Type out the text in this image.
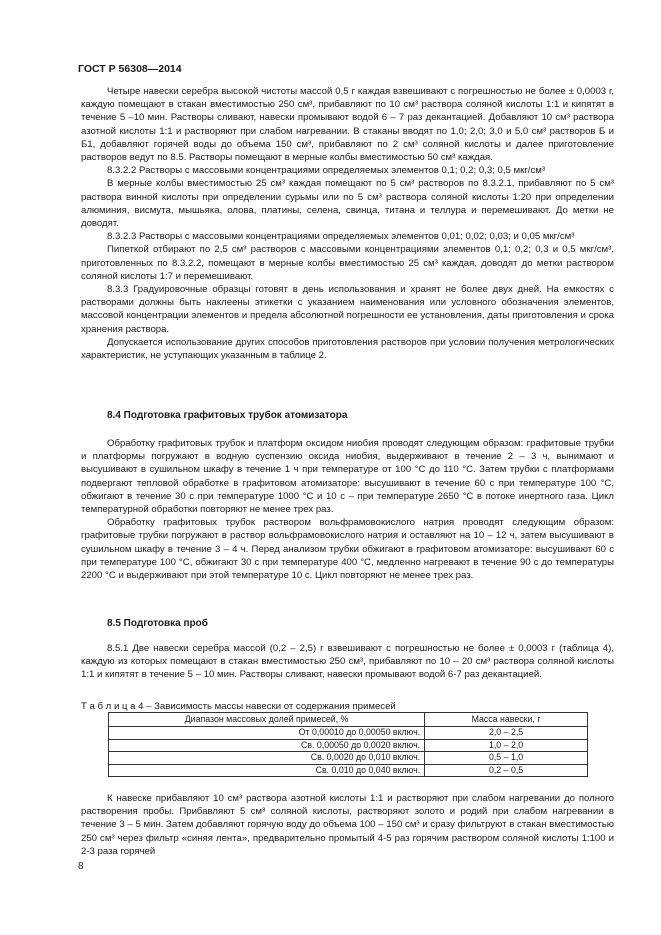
ГОСТ Р 56308—2014

Четыре навески серебра высокой чистоты массой 0,5 г каждая взвешивают с погрешностью не более ± 0,0003 г, каждую помещают в стакан вместимостью 250 см³, прибавляют по 10 см³ раствора соляной кислоты 1:1 и кипятят в течение 5 –10 мин. Растворы сливают, навески промывают водой 6 – 7 раз декантацией. Добавляют 10 см³ раствора азотной кислоты 1:1 и растворяют при слабом нагревании. В стаканы вводят по 1,0; 2,0; 3,0 и 5,0 см³ растворов Б и Б1, добавляют горячей воды до объема 150 см³, прибавляют по 2 см³ соляной кислоты и далее приготовление растворов ведут по 8.5. Растворы помещают в мерные колбы вместимостью 50 см³ каждая.

8.3.2.2 Растворы с массовыми концентрациями определяемых элементов 0,1; 0,2; 0,3; 0,5 мкг/см³

В мерные колбы вместимостью 25 см³ каждая помещают по 5 см³ растворов по 8.3.2.1, прибавляют по 5 см³ раствора винной кислоты при определении сурьмы или по 5 см³ раствора соляной кислоты 1:20 при определении алюминия, висмута, мышьяка, олова, платины, селена, свинца, титана и теллура и перемешивают. До метки не доводят.

8.3.2.3 Растворы с массовыми концентрациями определяемых элементов 0,01; 0,02; 0,03; и 0,05 мкг/см³

Пипеткой отбирают по 2,5 см³ растворов с массовыми концентрациями элементов 0,1; 0,2; 0,3 и 0,5 мкг/см³, приготовленных по 8.3.2.2, помещают в мерные колбы вместимостью 25 см³ каждая, доводят до метки раствором соляной кислоты 1:7 и перемешивают.

8.3.3 Градуировочные образцы готовят в день использования и хранят не более двух дней. На емкостях с растворами должны быть наклеены этикетки с указанием наименования или условного обозначения элементов, массовой концентрации элементов и предела абсолютной погрешности ее установления, даты приготовления и срока хранения раствора.

Допускается использование других способов приготовления растворов при условии получения метрологических характеристик, не уступающих указанным в таблице 2.

8.4 Подготовка графитовых трубок атомизатора

Обработку графитовых трубок и платформ оксидом ниобия проводят следующим образом: графитовые трубки и платформы погружают в водную суспензию оксида ниобия, выдерживают в течение 2 – 3 ч, вынимают и высушивают в сушильном шкафу в течение 1 ч при температуре от 100 °С до 110 °С. Затем трубки с платформами подвергают тепловой обработке в графитовом атомизаторе: высушивают в течение 60 с при температуре 100 °С, обжигают в течение 30 с при температуре 1000 °С и 10 с – при температуре 2650 °С в потоке инертного газа. Цикл температурной обработки повторяют не менее трех раз.

Обработку графитовых трубок раствором вольфрамовокислого натрия проводят следующим образом: графитовые трубки погружают в раствор вольфрамовокислого натрия и оставляют на 10 – 12 ч, затем высушивают в сушильном шкафу в течение 3 – 4 ч. Перед анализом трубки обжигают в графитовом атомизаторе: высушивают 60 с при температуре 100 °С, обжигают 30 с при температуре 400 °С, медленно нагревают в течение 90 с до температуры 2200 °С и выдерживают при этой температуре 10 с. Цикл повторяют не менее трех раз.

8.5 Подготовка проб

8.5.1 Две навески серебра массой (0,2 – 2,5) г взвешивают с погрешностью не более ± 0,0003 г (таблица 4), каждую из которых помещают в стакан вместимостью 250 см³, прибавляют по 10 – 20 см³ раствора соляной кислоты 1:1 и кипятят в течение 5 – 10 мин. Растворы сливают, навески промывают водой 6-7 раз декантацией.

Т а б л и ц а 4 – Зависимость массы навески от содержания примесей
Диапазон массовых долей примесей, %	Масса навески, г
От 0,00010 до 0,00050 включ.	2,0 – 2,5
Св. 0,00050 до 0,0020 включ.	1,0 – 2,0
Св. 0,0020 до 0,010 включ.	0,5 – 1,0
Св. 0,010 до 0,040 включ.	0,2 – 0,5

К навеске прибавляют 10 см³ раствора азотной кислоты 1:1 и растворяют при слабом нагревании до полного растворения пробы. Прибавляют 5 см³ соляной кислоты, растворяют золото и родий при слабом нагревании в течение 3 – 5 мин. Затем добавляют горячую воду до объема 100 – 150 см³ и сразу фильтруют в стакан вместимостью 250 см³ через фильтр «синяя лента», предварительно промытый 4-5 раз горячим раствором соляной кислоты 1:100 и 2-3 раза горячей

8
